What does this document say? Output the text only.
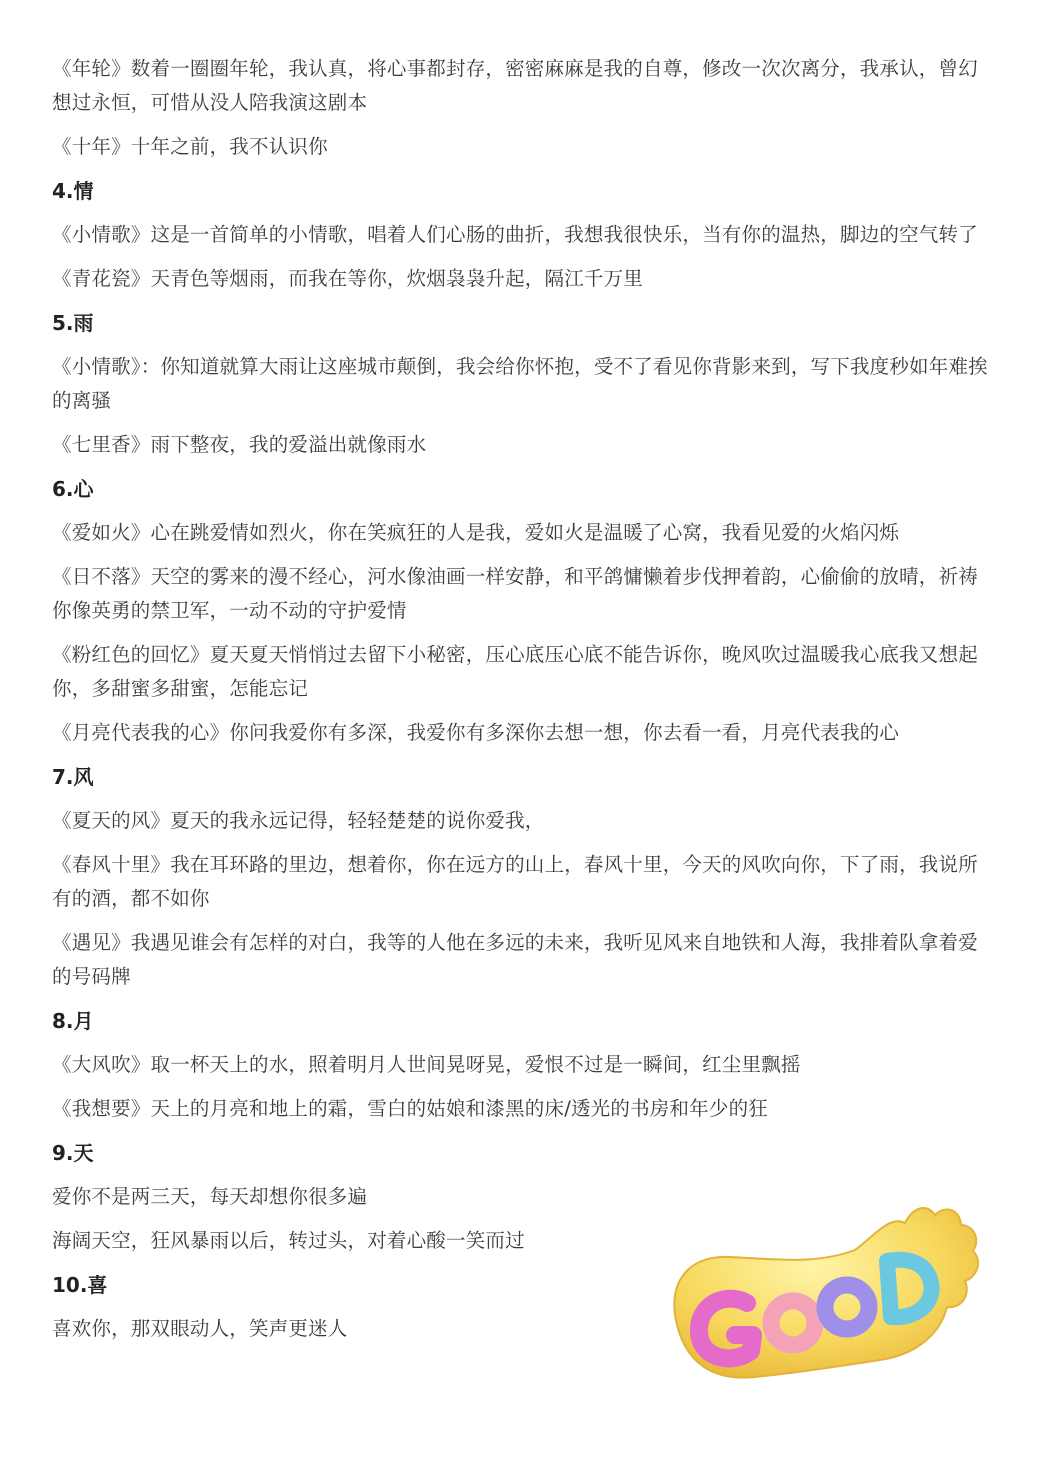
《年轮》数着一圈圈年轮，我认真，将心事都封存，密密麻麻是我的自尊，修改一次次离分，我承认，曾幻想过永恒，可惜从没人陪我演这剧本
《十年》十年之前，我不认识你
4.情
《小情歌》这是一首简单的小情歌，唱着人们心肠的曲折，我想我很快乐，当有你的温热，脚边的空气转了
《青花瓷》天青色等烟雨，而我在等你，炊烟袅袅升起，隔江千万里
5.雨
《小情歌》：你知道就算大雨让这座城市颠倒，我会给你怀抱，受不了看见你背影来到，写下我度秒如年难挨的离骚
《七里香》雨下整夜，我的爱溢出就像雨水
6.心
《爱如火》心在跳爱情如烈火，你在笑疯狂的人是我，爱如火是温暖了心窝，我看见爱的火焰闪烁
《日不落》天空的雾来的漫不经心，河水像油画一样安静，和平鸽慵懒着步伐押着韵，心偷偷的放晴，祈祷你像英勇的禁卫军，一动不动的守护爱情
《粉红色的回忆》夏天夏天悄悄过去留下小秘密，压心底压心底不能告诉你，晚风吹过温暖我心底我又想起你，多甜蜜多甜蜜，怎能忘记
《月亮代表我的心》你问我爱你有多深，我爱你有多深你去想一想，你去看一看，月亮代表我的心
7.风
《夏天的风》夏天的我永远记得，轻轻楚楚的说你爱我，
《春风十里》我在耳环路的里边，想着你，你在远方的山上，春风十里，今天的风吹向你，下了雨，我说所有的酒，都不如你
《遇见》我遇见谁会有怎样的对白，我等的人他在多远的未来，我听见风来自地铁和人海，我排着队拿着爱的号码牌
8.月
《大风吹》取一杯天上的水，照着明月人世间晃呀晃，爱恨不过是一瞬间，红尘里飘摇
《我想要》天上的月亮和地上的霜，雪白的姑娘和漆黑的床/透光的书房和年少的狂
9.天
爱你不是两三天，每天却想你很多遍
海阔天空，狂风暴雨以后，转过头，对着心酸一笑而过
10.喜
喜欢你，那双眼动人，笑声更迷人
